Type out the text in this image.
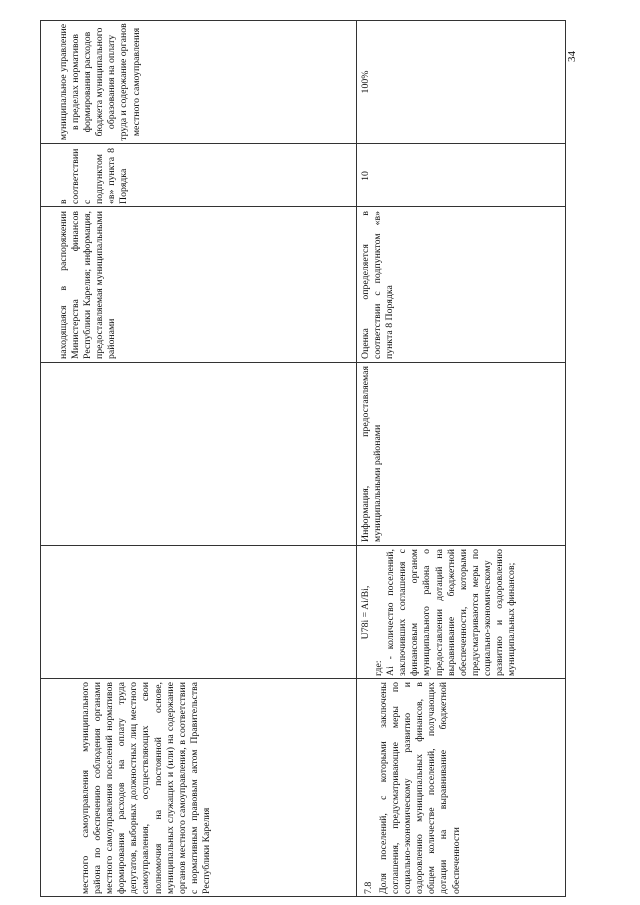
34
местного самоуправления муниципального района по обеспечению соблюдения органами местного самоуправления поселений нормативов формирования расходов на оплату труда депутатов, выборных должностных лиц местного самоуправления, осуществляющих свои полномочия на постоянной основе, муниципальных служащих и (или) на содержание органов местного самоуправления, в соответствии с нормативным правовым актом Правительства Республики Карелия
находящаяся в распоряжении Министерства финансов Республики Карелия; информация, предоставляемая муниципальными районами
в соответствии с подпунктом «в» пункта 8 Порядка
муниципальное управление в пределах нормативов формирования расходов бюджета муниципального образования на оплату труда и содержание органов местного самоуправления
7.8 Доля поселений, с которыми заключены соглашения, предусматривающие меры по социально-экономическому развитию и оздоровлению муниципальных финансов, в общем количестве поселений, получающих дотации на выравнивание бюджетной обеспеченности
U78i = Ai/Bi,
где:
Ai - количество поселений, заключивших соглашения с финансовым органом муниципального района о предоставлении дотаций на выравнивание бюджетной обеспеченности, которыми предусматриваются меры по социально-экономическому развитию и оздоровлению муниципальных финансов;
Информация, предоставляемая муниципальными районами
Оценка определяется в соответствии с подпунктом «в» пункта 8 Порядка
10
100%
